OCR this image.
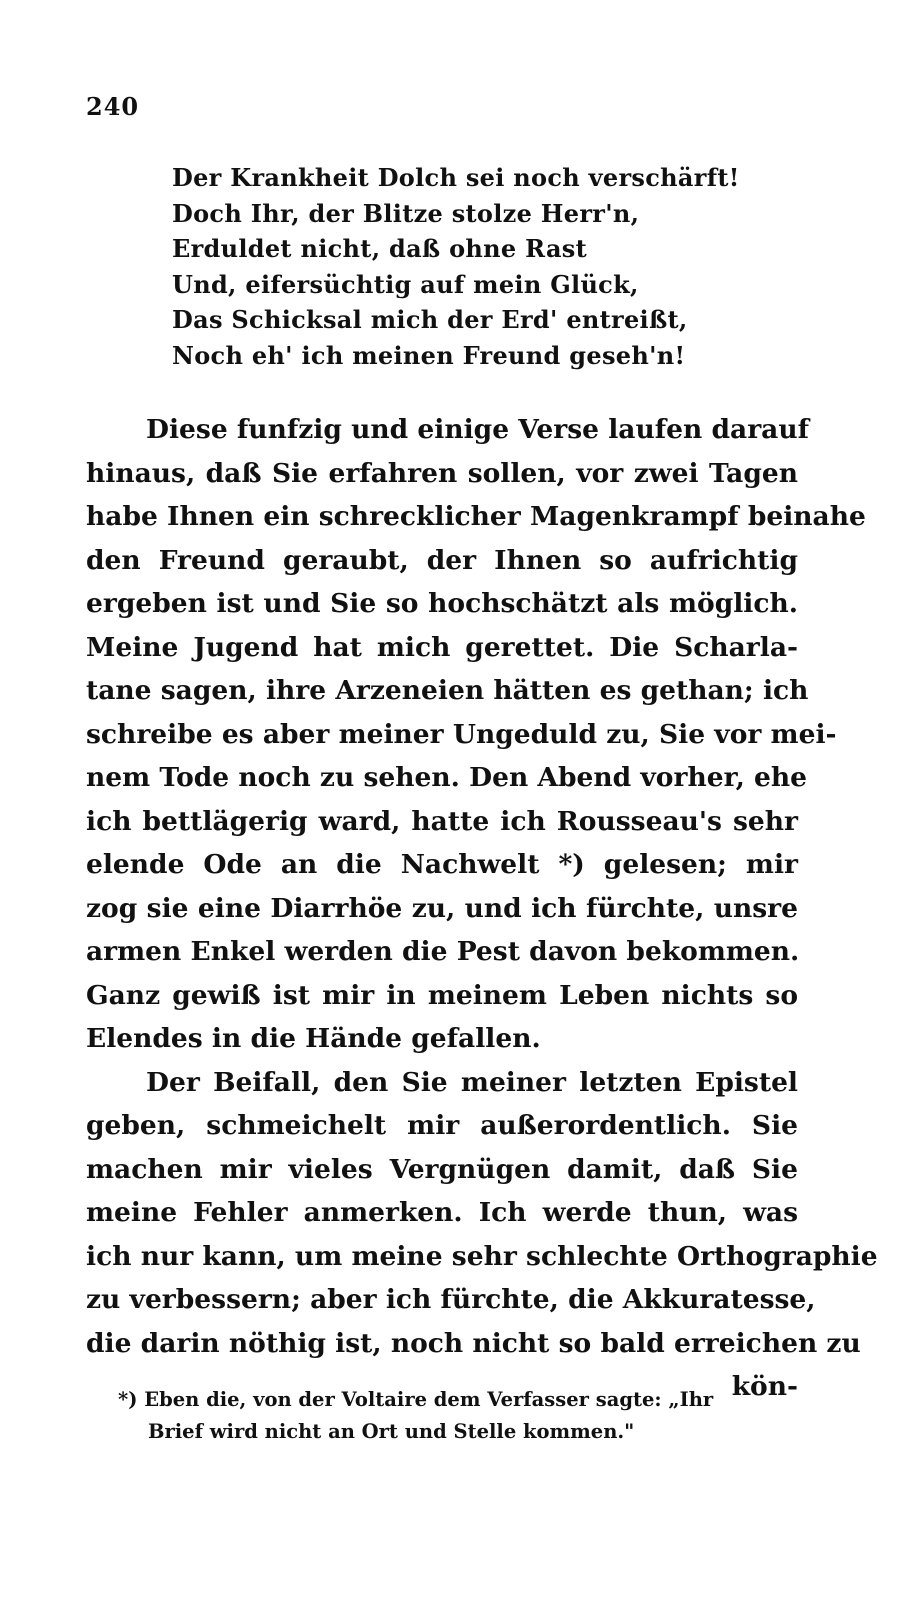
240
Der Krankheit Dolch sei noch verschärft!
Doch Ihr, der Blitze stolze Herr'n,
Erduldet nicht, daß ohne Rast
Und, eifersüchtig auf mein Glück,
Das Schicksal mich der Erd' entreißt,
Noch eh' ich meinen Freund geseh'n!
Diese funfzig und einige Verse laufen darauf
hinaus, daß Sie erfahren sollen, vor zwei Tagen
habe Ihnen ein schrecklicher Magenkrampf beinahe
den Freund geraubt, der Ihnen so aufrichtig
ergeben ist und Sie so hochschätzt als möglich.
Meine Jugend hat mich gerettet. Die Scharla-
tane sagen, ihre Arzeneien hätten es gethan; ich
schreibe es aber meiner Ungeduld zu, Sie vor mei-
nem Tode noch zu sehen. Den Abend vorher, ehe
ich bettlägerig ward, hatte ich Rousseau's sehr
elende Ode an die Nachwelt *) gelesen; mir
zog sie eine Diarrhöe zu, und ich fürchte, unsre
armen Enkel werden die Pest davon bekommen.
Ganz gewiß ist mir in meinem Leben nichts so
Elendes in die Hände gefallen.
Der Beifall, den Sie meiner letzten Epistel
geben, schmeichelt mir außerordentlich. Sie
machen mir vieles Vergnügen damit, daß Sie
meine Fehler anmerken. Ich werde thun, was
ich nur kann, um meine sehr schlechte Orthographie
zu verbessern; aber ich fürchte, die Akkuratesse,
die darin nöthig ist, noch nicht so bald erreichen zu
kön-
*) Eben die, von der Voltaire dem Verfasser sagte: „Ihr
Brief wird nicht an Ort und Stelle kommen."
